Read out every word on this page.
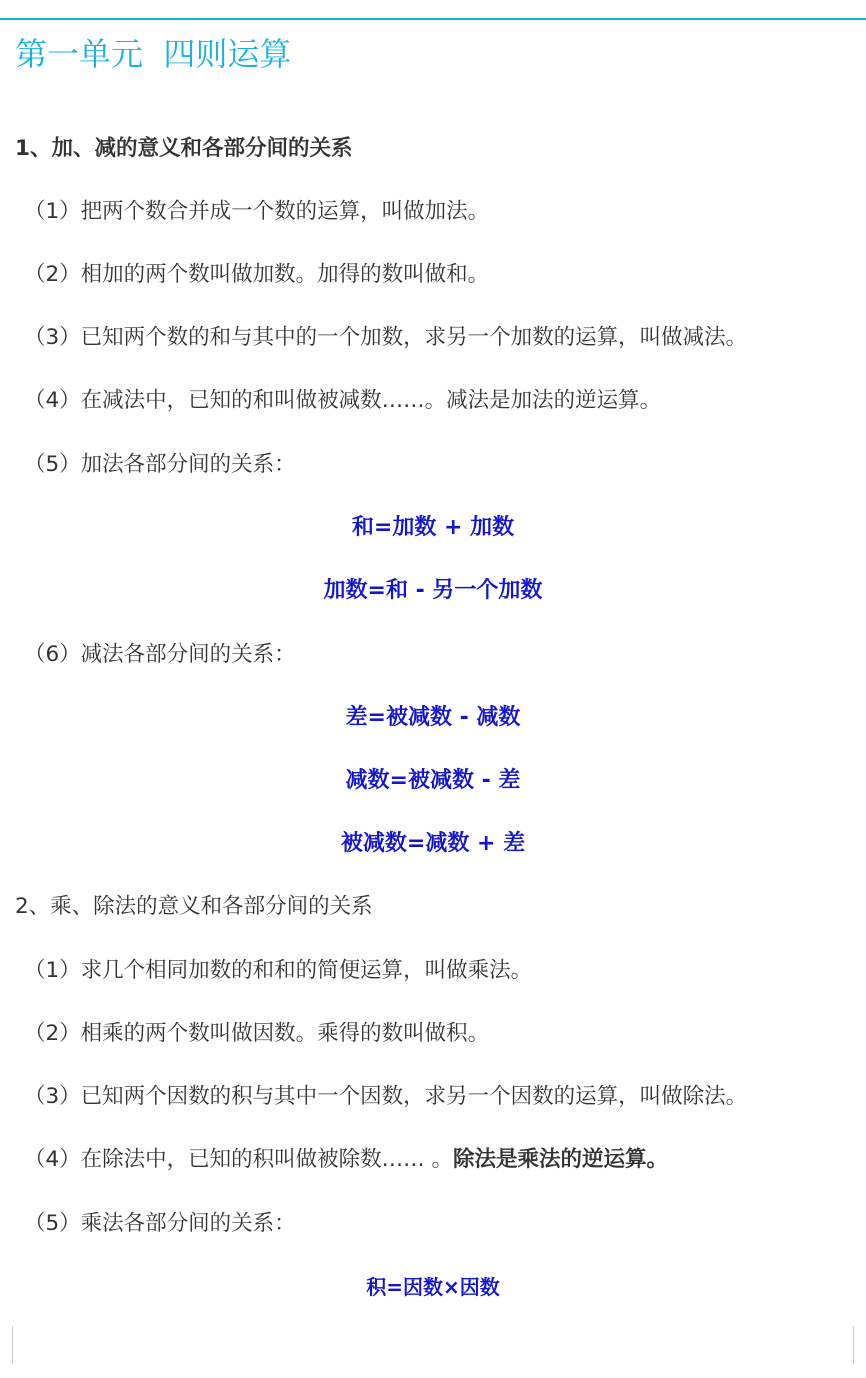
第一单元  四则运算
1、加、减的意义和各部分间的关系
（1）把两个数合并成一个数的运算，叫做加法。
（2）相加的两个数叫做加数。加得的数叫做和。
（3）已知两个数的和与其中的一个加数，求另一个加数的运算，叫做减法。
（4）在减法中，已知的和叫做被减数……。减法是加法的逆运算。
（5）加法各部分间的关系：
和=加数 + 加数
加数=和 - 另一个加数
（6）减法各部分间的关系：
差=被减数 - 减数
减数=被减数 - 差
被减数=减数 + 差
2、乘、除法的意义和各部分间的关系
（1）求几个相同加数的和和的简便运算，叫做乘法。
（2）相乘的两个数叫做因数。乘得的数叫做积。
（3）已知两个因数的积与其中一个因数，求另一个因数的运算，叫做除法。
（4）在除法中，已知的积叫做被除数…… 。除法是乘法的逆运算。
（5）乘法各部分间的关系：
积=因数×因数
